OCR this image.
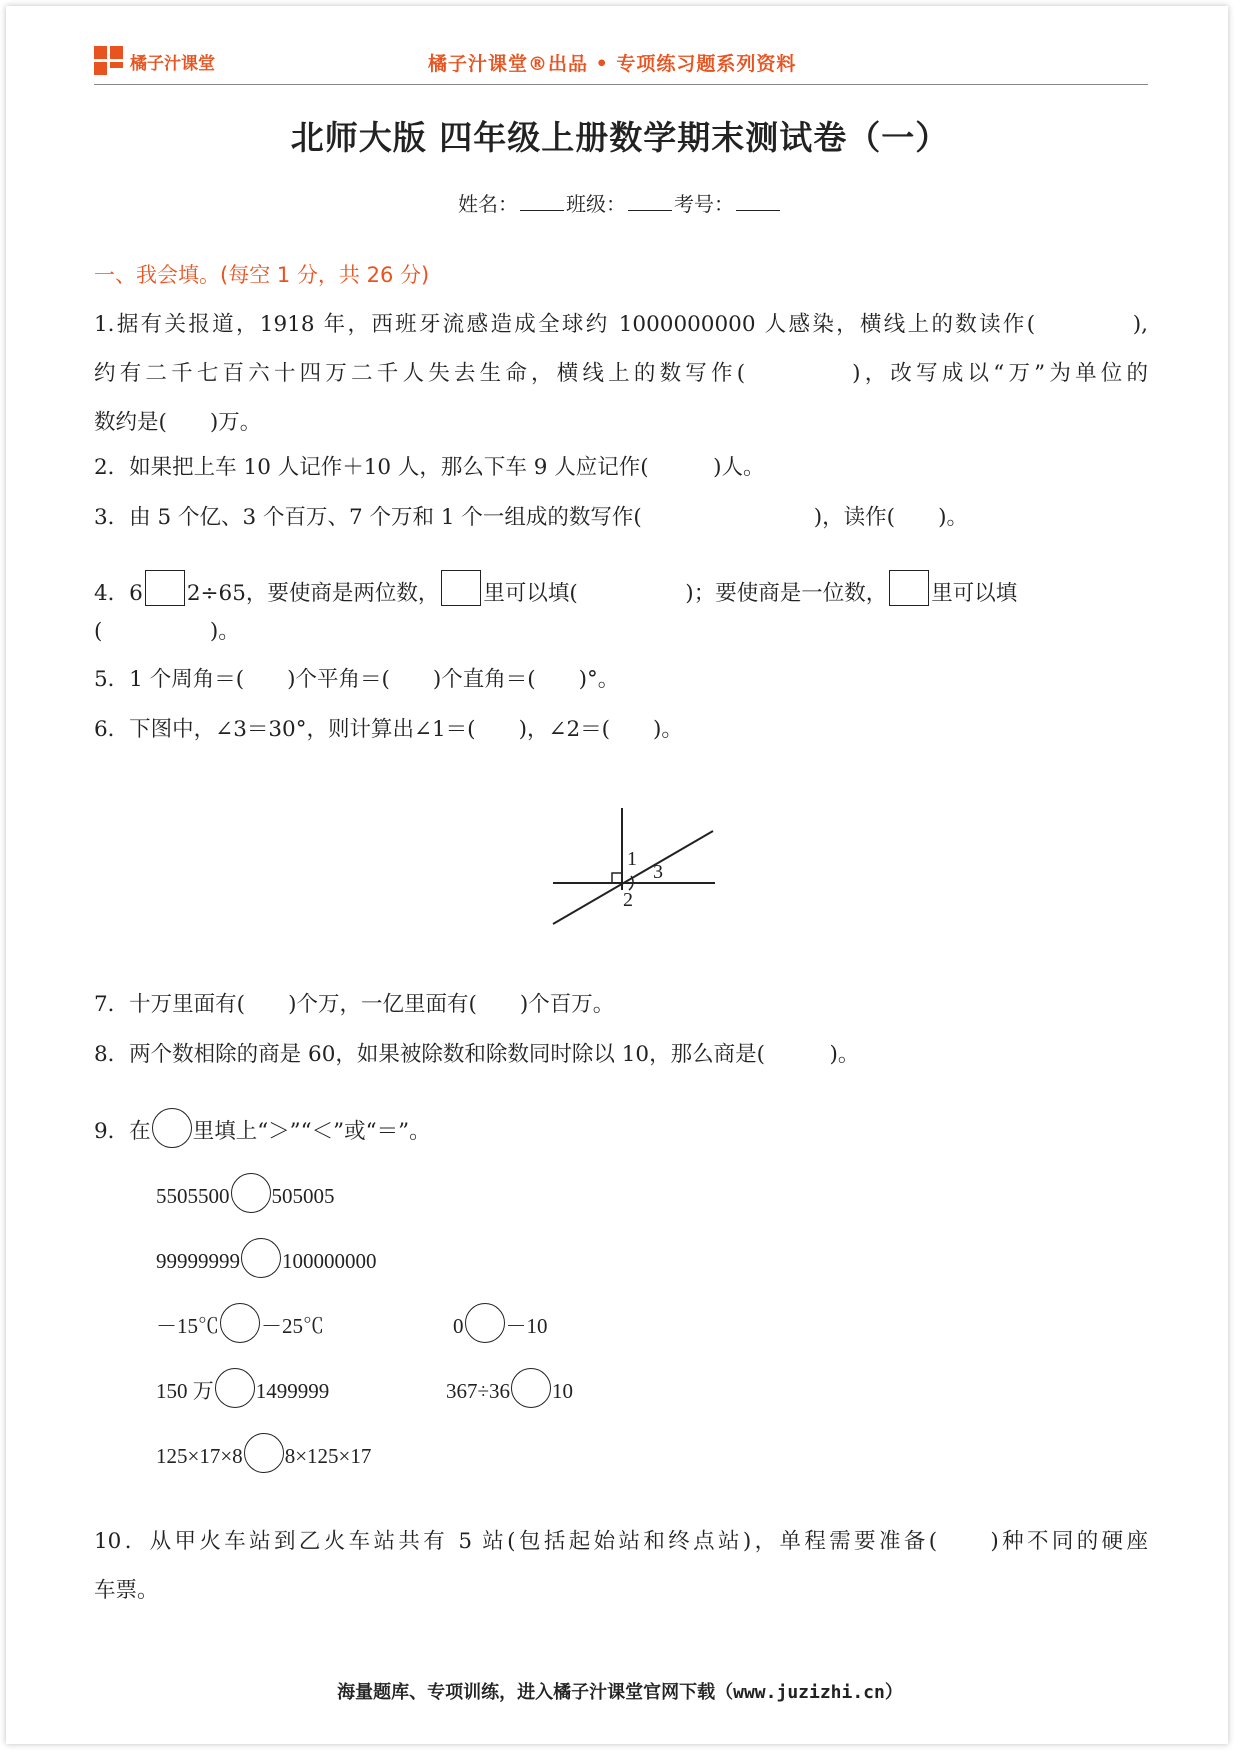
橘子汁课堂	橘子汁课堂®出品 • 专项练习题系列资料
北师大版 四年级上册数学期末测试卷（一）
姓名： 班级： 考号：
一、我会填。(每空 1 分，共 26 分)
1.据有关报道，1918 年，西班牙流感造成全球约 1000000000 人感染，横线上的数读作(　　　　),
约有二千七百六十四万二千人失去生命，横线上的数写作(　　　　)，改写成以“万”为单位的
数约是(　　)万。
2．如果把上车 10 人记作＋10 人，那么下车 9 人应记作(　　　)人。
3．由 5 个亿、3 个百万、7 个万和 1 个一组成的数写作(　　　　　　　　)，读作(　　)。
4．6 2÷65，要使商是两位数， 里可以填(　　　　　)；要使商是一位数， 里可以填
(　　　　　)。
5．1 个周角＝(　　)个平角＝(　　)个直角＝(　　)°。
6．下图中，∠3＝30°，则计算出∠1＝(　　)，∠2＝(　　)。
1
3
2
7．十万里面有(　　)个万，一亿里面有(　　)个百万。
8．两个数相除的商是 60，如果被除数和除数同时除以 10，那么商是(　　　)。
9．在 里填上“＞”“＜”或“＝”。
5505500 505005
99999999 100000000
－15℃ －25℃	0 －10
150 万 1499999	367÷36 10
125×17×8 8×125×17
10．从甲火车站到乙火车站共有 5 站(包括起始站和终点站)，单程需要准备(　　)种不同的硬座
车票。
海量题库、专项训练，进入橘子汁课堂官网下载（www.juzizhi.cn）
